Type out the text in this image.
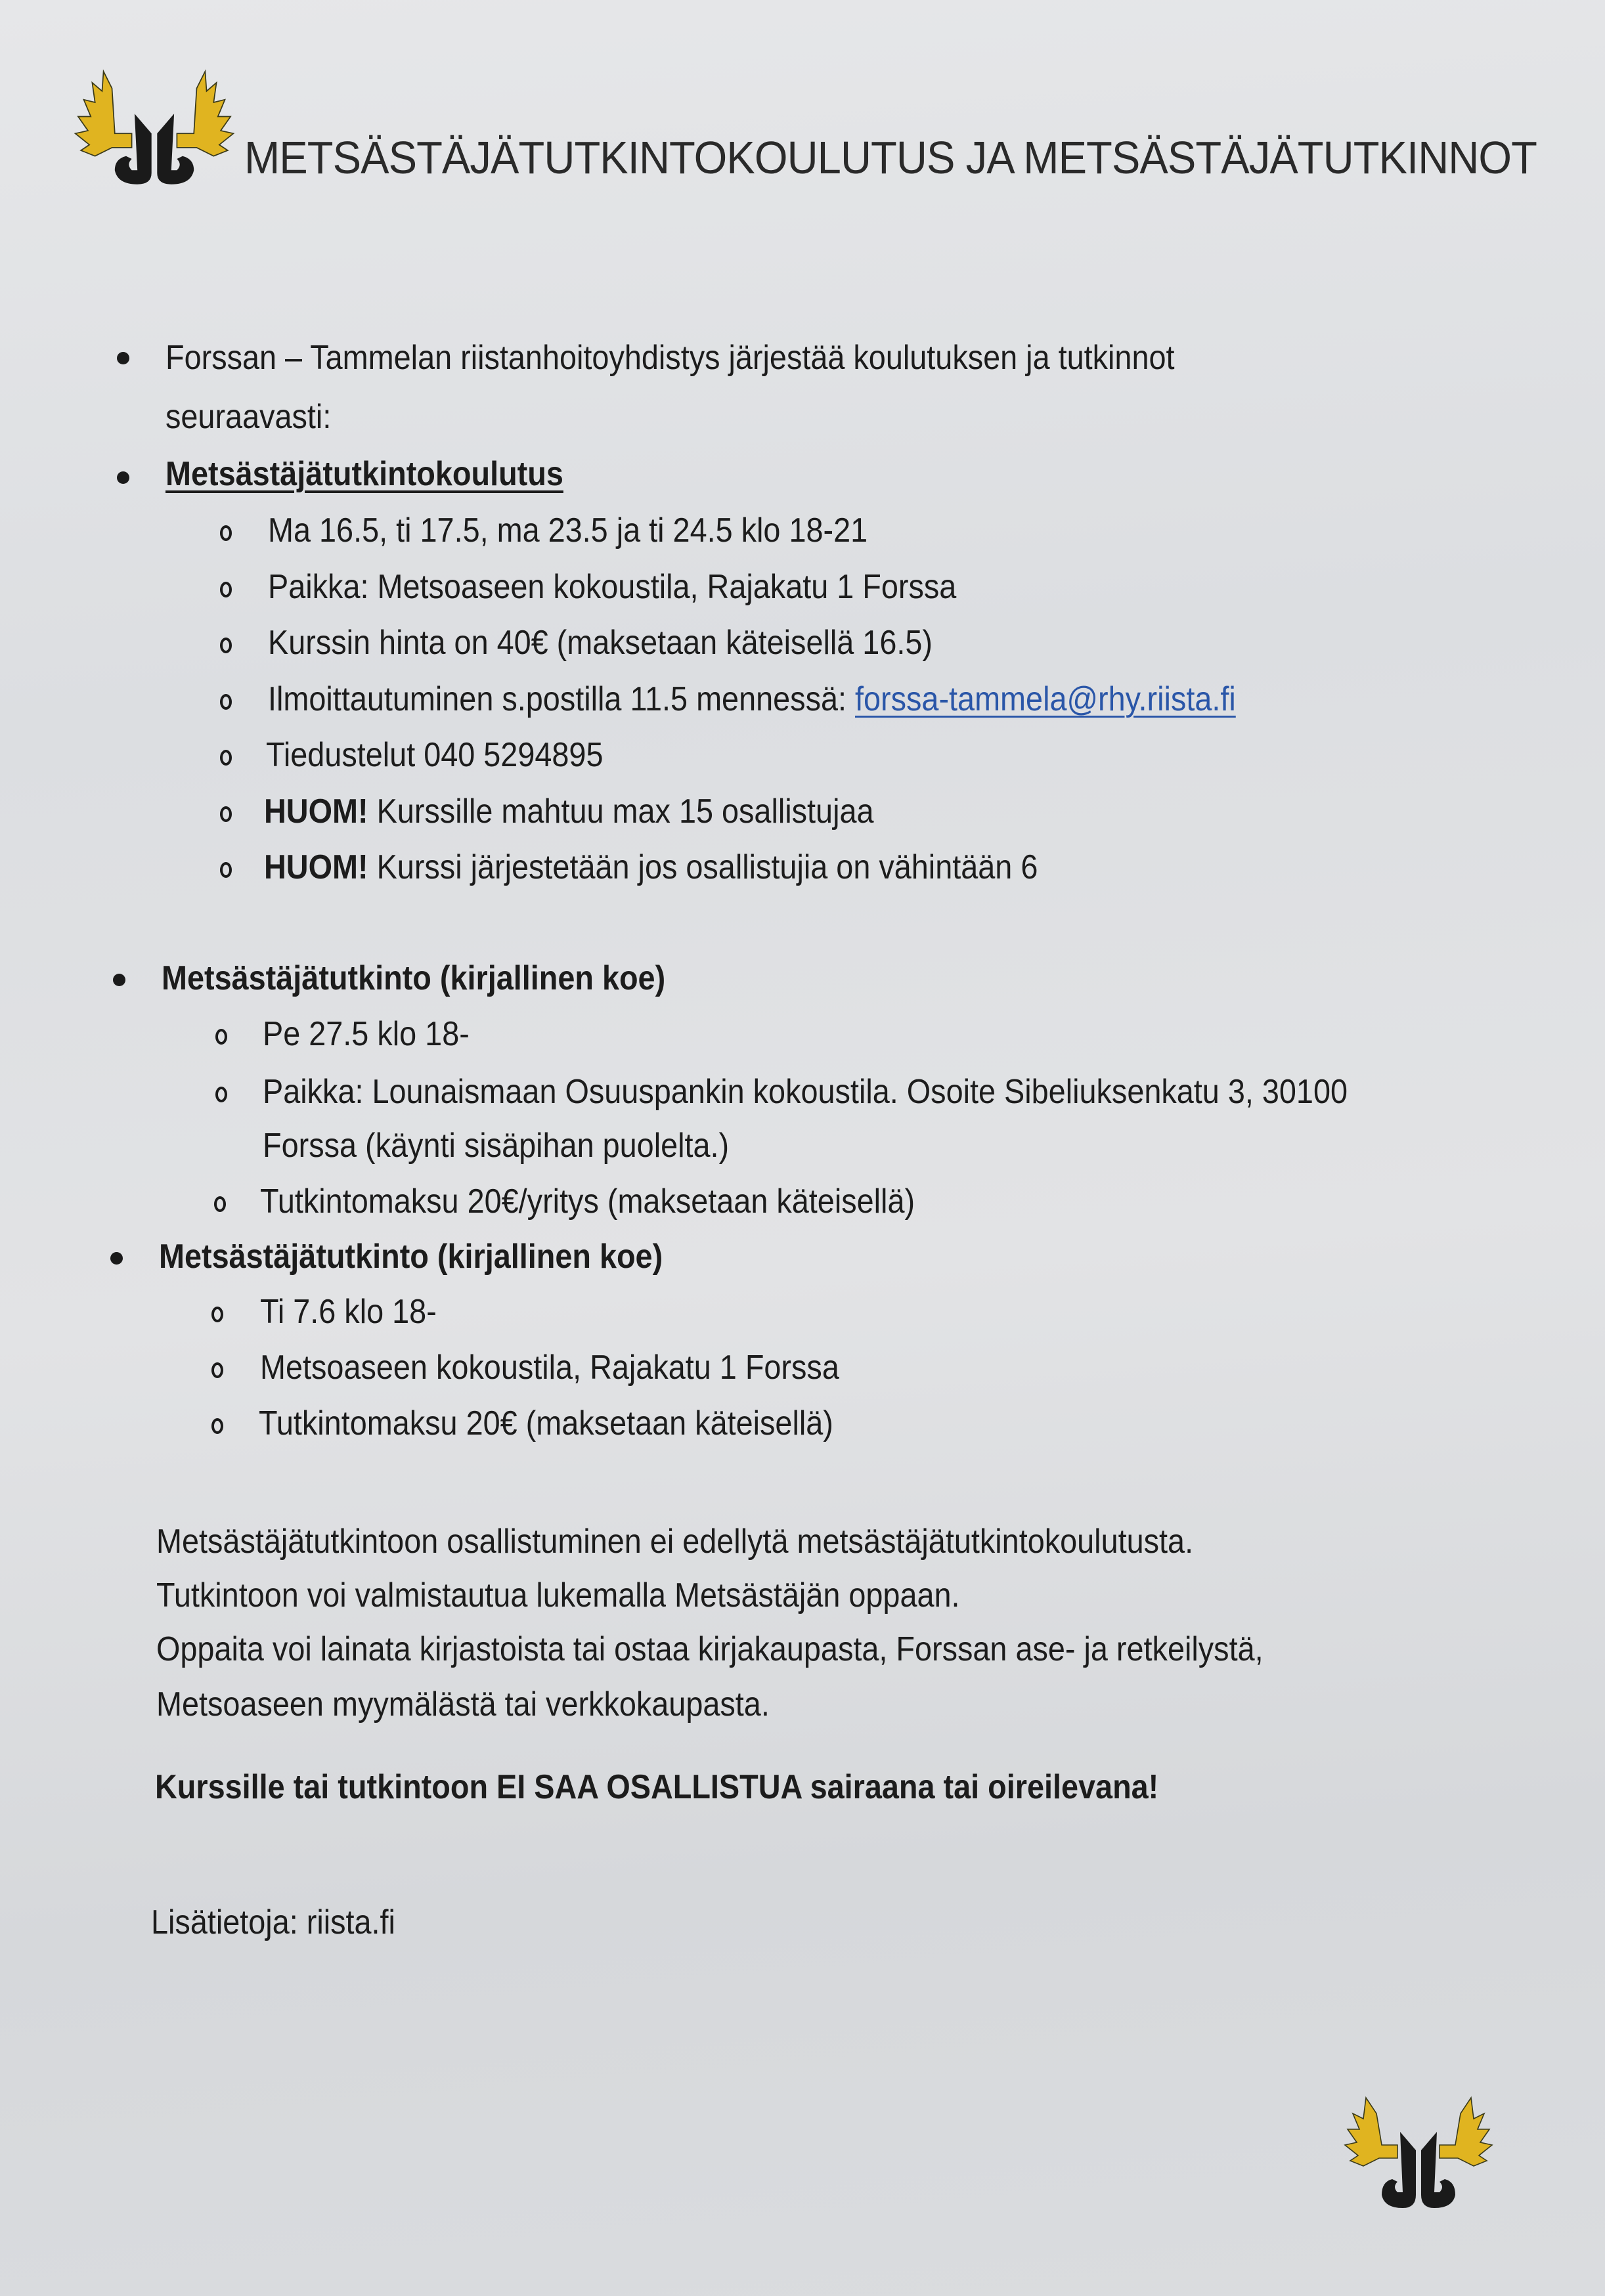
METSÄSTÄJÄTUTKINTOKOULUTUS JA METSÄSTÄJÄTUTKINNOT
Forssan – Tammelan riistanhoitoyhdistys järjestää koulutuksen ja tutkinnot
seuraavasti:
Metsästäjätutkintokoulutus
Ma 16.5, ti 17.5, ma 23.5 ja ti 24.5 klo 18-21
Paikka: Metsoaseen kokoustila, Rajakatu 1 Forssa
Kurssin hinta on 40€ (maksetaan käteisellä 16.5)
Ilmoittautuminen s.postilla 11.5 mennessä: forssa-tammela@rhy.riista.fi
Tiedustelut 040 5294895
HUOM! Kurssille mahtuu max 15 osallistujaa
HUOM! Kurssi järjestetään jos osallistujia on vähintään 6
Metsästäjätutkinto (kirjallinen koe)
Pe 27.5 klo 18-
Paikka: Lounaismaan Osuuspankin kokoustila. Osoite Sibeliuksenkatu 3, 30100
Forssa (käynti sisäpihan puolelta.)
Tutkintomaksu 20€/yritys (maksetaan käteisellä)
Metsästäjätutkinto (kirjallinen koe)
Ti 7.6 klo 18-
Metsoaseen kokoustila, Rajakatu 1 Forssa
Tutkintomaksu 20€ (maksetaan käteisellä)
Metsästäjätutkintoon osallistuminen ei edellytä metsästäjätutkintokoulutusta.
Tutkintoon voi valmistautua lukemalla Metsästäjän oppaan.
Oppaita voi lainata kirjastoista tai ostaa kirjakaupasta, Forssan ase- ja retkeilystä,
Metsoaseen myymälästä tai verkkokaupasta.
Kurssille tai tutkintoon EI SAA OSALLISTUA sairaana tai oireilevana!
Lisätietoja: riista.fi
